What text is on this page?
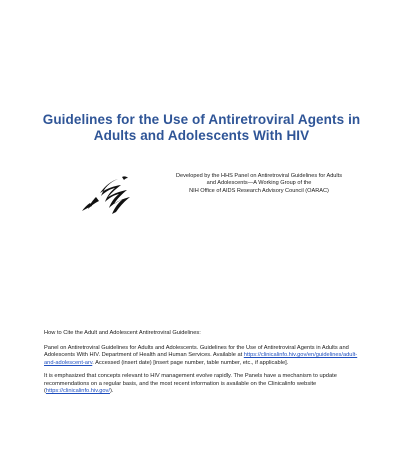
Guidelines for the Use of Antiretroviral Agents in
Adults and Adolescents With HIV
Developed by the HHS Panel on Antiretroviral Guidelines for Adults
and Adolescents—A Working Group of the
NIH Office of AIDS Research Advisory Council (OARAC)

How to Cite the Adult and Adolescent Antiretroviral Guidelines:

Panel on Antiretroviral Guidelines for Adults and Adolescents. Guidelines for the Use of Antiretroviral Agents in Adults and Adolescents With HIV. Department of Health and Human Services. Available at https://clinicalinfo.hiv.gov/en/guidelines/adult-and-adolescent-arv. Accessed (insert date) [insert page number, table number, etc., if applicable].

It is emphasized that concepts relevant to HIV management evolve rapidly. The Panels have a mechanism to update recommendations on a regular basis, and the most recent information is available on the Clinicalinfo website (https://clinicalinfo.hiv.gov/).
